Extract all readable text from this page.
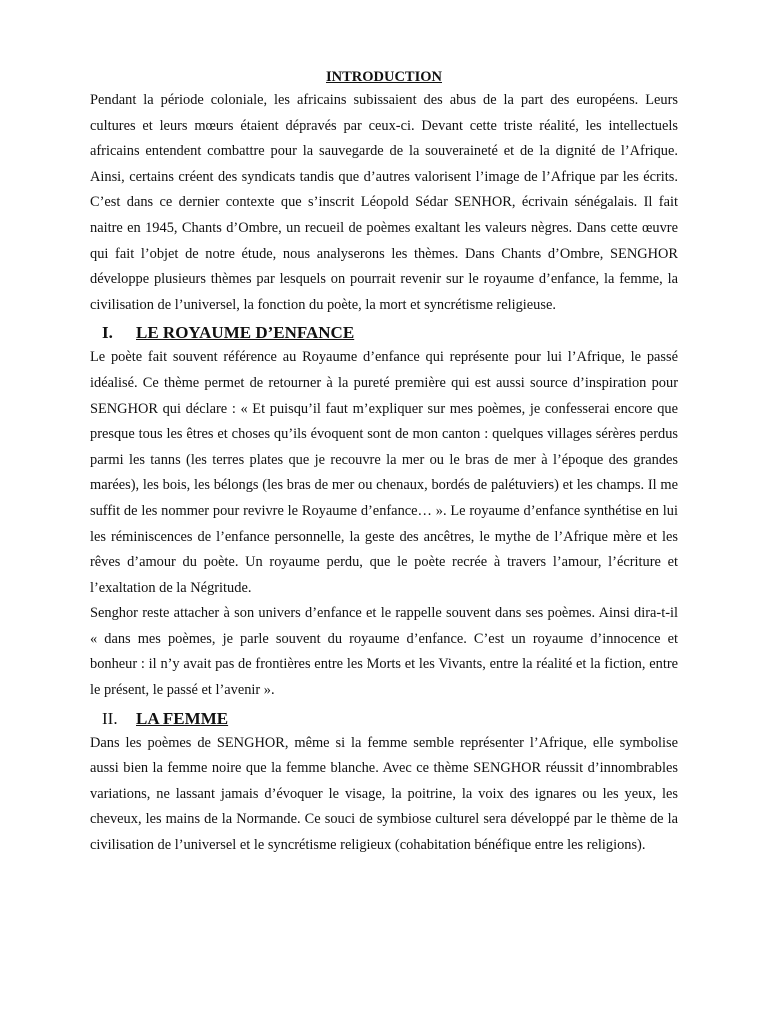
INTRODUCTION

Pendant la période coloniale, les africains subissaient des abus de la part des européens. Leurs cultures et leurs mœurs étaient dépravés par ceux-ci. Devant cette triste réalité, les intellectuels africains entendent combattre pour la sauvegarde de la souveraineté et de la dignité de l’Afrique. Ainsi, certains créent des syndicats tandis que d’autres valorisent l’image de l’Afrique par les écrits. C’est dans ce dernier contexte que s’inscrit Léopold Sédar SENHOR, écrivain sénégalais. Il fait naitre en 1945, Chants d’Ombre, un recueil de poèmes exaltant les valeurs nègres. Dans cette œuvre qui fait l’objet de notre étude, nous analyserons les thèmes. Dans Chants d’Ombre, SENGHOR développe plusieurs thèmes par lesquels on pourrait revenir sur le royaume d’enfance, la femme, la civilisation de l’universel, la fonction du poète, la mort et syncrétisme religieuse.

I.	LE ROYAUME D’ENFANCE

Le poète fait souvent référence au Royaume d’enfance qui représente pour lui l’Afrique, le passé idéalisé. Ce thème permet de retourner à la pureté première qui est aussi source d’inspiration pour SENGHOR qui déclare : « Et puisqu’il faut m’expliquer sur mes poèmes, je confesserai encore que presque tous les êtres et choses qu’ils évoquent sont de mon canton : quelques villages sérères perdus parmi les tanns (les terres plates que je recouvre la mer ou le bras de mer à l’époque des grandes marées), les bois, les bélongs (les bras de mer ou chenaux, bordés de palétuviers) et les champs. Il me suffit de les nommer pour revivre le Royaume d’enfance… ». Le royaume d’enfance synthétise en lui les réminiscences de l’enfance personnelle, la geste des ancêtres, le mythe de l’Afrique mère et les rêves d’amour du poète. Un royaume perdu, que le poète recrée à travers l’amour, l’écriture et l’exaltation de la Négritude.

Senghor reste attacher à son univers d’enfance et le rappelle souvent dans ses poèmes. Ainsi dira-t-il « dans mes poèmes, je parle souvent du royaume d’enfance. C’est un royaume d’innocence et bonheur : il n’y avait pas de frontières entre les Morts et les Vivants, entre la réalité et la fiction, entre le présent, le passé et l’avenir ».

II.	LA FEMME

Dans les poèmes de SENGHOR, même si la femme semble représenter l’Afrique, elle symbolise aussi bien la femme noire que la femme blanche. Avec ce thème SENGHOR réussit d’innombrables variations, ne lassant jamais d’évoquer le visage, la poitrine, la voix des ignares ou les yeux, les cheveux, les mains de la Normande. Ce souci de symbiose culturel sera développé par le thème de la civilisation de l’universel et le syncrétisme religieux (cohabitation bénéfique entre les religions).
